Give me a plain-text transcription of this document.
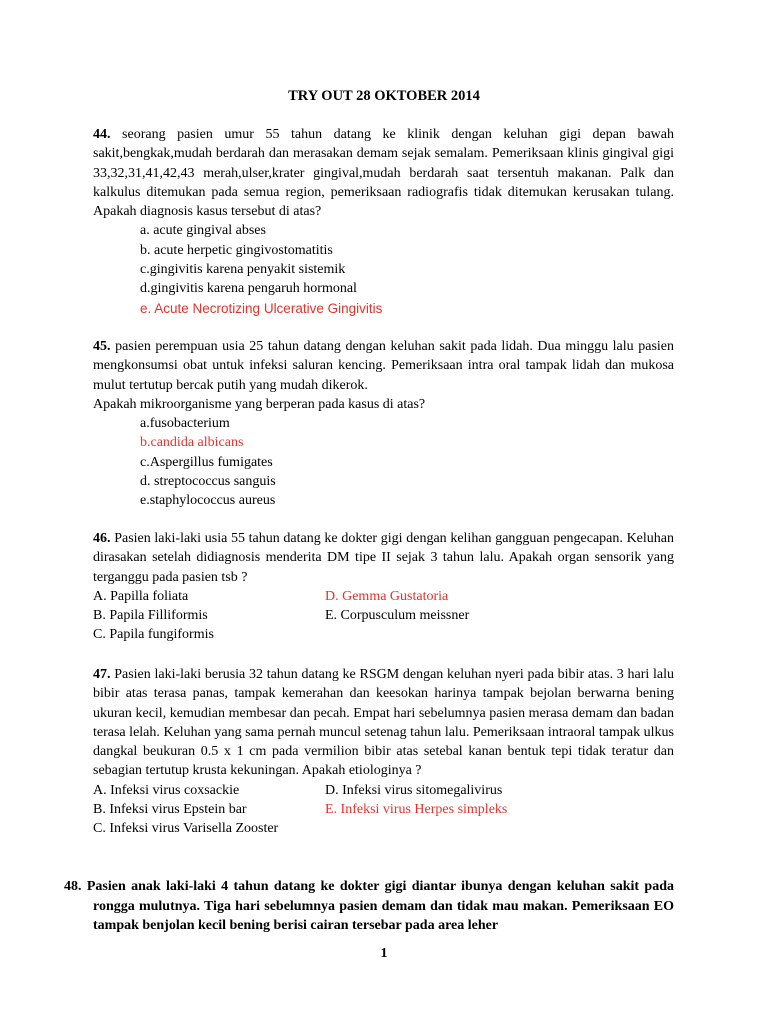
TRY OUT 28 OKTOBER 2014

44. seorang pasien umur 55 tahun datang ke klinik dengan keluhan gigi depan bawah sakit,bengkak,mudah berdarah dan merasakan demam sejak semalam. Pemeriksaan klinis gingival gigi 33,32,31,41,42,43 merah,ulser,krater gingival,mudah berdarah saat tersentuh makanan. Palk dan kalkulus ditemukan pada semua region, pemeriksaan radiografis tidak ditemukan kerusakan tulang. Apakah diagnosis kasus tersebut di atas?

a. acute gingival abses
b. acute herpetic gingivostomatitis
c.gingivitis karena penyakit sistemik
d.gingivitis karena pengaruh hormonal
e. Acute Necrotizing Ulcerative Gingivitis

45. pasien perempuan usia 25 tahun datang dengan keluhan sakit pada lidah. Dua minggu lalu pasien mengkonsumsi obat untuk infeksi saluran kencing. Pemeriksaan intra oral tampak lidah dan mukosa mulut tertutup bercak putih yang mudah dikerok.

Apakah mikroorganisme yang berperan pada kasus di atas?

a.fusobacterium
b.candida albicans
c.Aspergillus fumigates
d. streptococcus sanguis
e.staphylococcus aureus

46. Pasien laki-laki usia 55 tahun datang ke dokter gigi dengan kelihan gangguan pengecapan. Keluhan dirasakan setelah didiagnosis menderita DM tipe II sejak 3 tahun lalu. Apakah organ sensorik yang terganggu pada pasien tsb ?

A. Papilla foliata	D. Gemma Gustatoria
B. Papila Filliformis	E. Corpusculum meissner
C. Papila fungiformis

47. Pasien laki-laki berusia 32 tahun datang ke RSGM dengan keluhan nyeri pada bibir atas. 3 hari lalu bibir atas terasa panas, tampak kemerahan dan keesokan harinya tampak bejolan berwarna bening ukuran kecil, kemudian membesar dan pecah. Empat hari sebelumnya pasien merasa demam dan badan terasa lelah. Keluhan yang sama pernah muncul setenag tahun lalu. Pemeriksaan intraoral tampak ulkus dangkal beukuran 0.5 x 1 cm pada vermilion bibir atas setebal kanan bentuk tepi tidak teratur dan sebagian tertutup krusta kekuningan. Apakah etiologinya ?

A. Infeksi virus coxsackie	D. Infeksi virus sitomegalivirus
B. Infeksi virus Epstein bar	E. Infeksi virus Herpes simpleks
C. Infeksi virus Varisella Zooster

48. Pasien anak laki-laki 4 tahun datang ke dokter gigi diantar ibunya dengan keluhan sakit pada rongga mulutnya. Tiga hari sebelumnya pasien demam dan tidak mau makan. Pemeriksaan EO tampak benjolan kecil bening berisi cairan tersebar pada area leher

1
